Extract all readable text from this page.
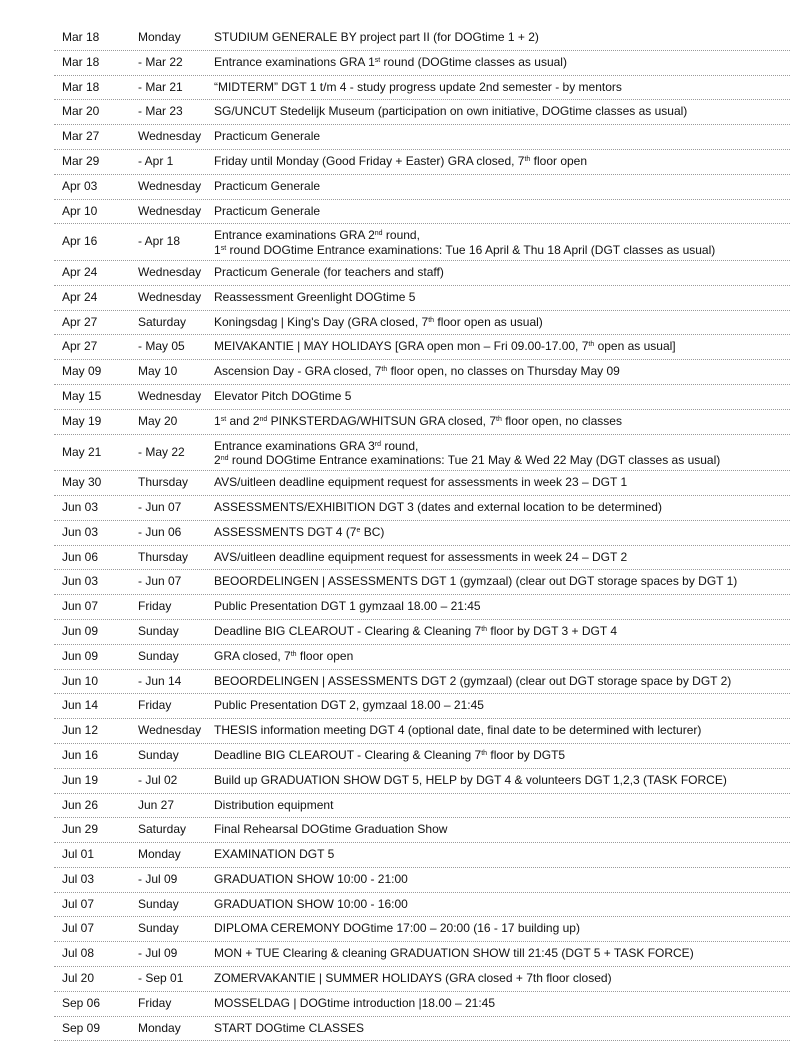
Mar 18	Monday	STUDIUM GENERALE BY project part II (for DOGtime 1 + 2)
Mar 18	- Mar 22	Entrance examinations GRA 1st round (DOGtime classes as usual)
Mar 18	- Mar 21	“MIDTERM” DGT 1 t/m 4 - study progress update 2nd semester - by mentors
Mar 20	- Mar 23	SG/UNCUT Stedelijk Museum (participation on own initiative, DOGtime classes as usual)
Mar 27	Wednesday Practicum Generale
Mar 29	- Apr 1	Friday until Monday (Good Friday + Easter) GRA closed, 7th floor open
Apr 03	Wednesday Practicum Generale
Apr 10	Wednesday Practicum Generale
Apr 16	- Apr 18	Entrance examinations GRA 2nd round,
1st round DOGtime Entrance examinations: Tue 16 April & Thu 18 April (DGT classes as usual)
Apr 24	Wednesday Practicum Generale (for teachers and staff)
Apr 24	Wednesday Reassessment Greenlight DOGtime 5
Apr 27	Saturday Koningsdag | King's Day (GRA closed, 7th floor open as usual)
Apr 27	- May 05 MEIVAKANTIE | MAY HOLIDAYS [GRA open mon – Fri 09.00-17.00, 7th open as usual]
May 09	May 10	Ascension Day - GRA closed, 7th floor open, no classes on Thursday May 09
May 15	Wednesday Elevator Pitch DOGtime 5
May 19	May 20	1st and 2nd PINKSTERDAG/WHITSUN GRA closed, 7th floor open, no classes
May 21	- May 22 Entrance examinations GRA 3rd round,
2nd round DOGtime Entrance examinations: Tue 21 May & Wed 22 May (DGT classes as usual)
May 30	Thursday AVS/uitleen deadline equipment request for assessments in week 23 – DGT 1
Jun 03	- Jun 07	ASSESSMENTS/EXHIBITION DGT 3 (dates and external location to be determined)
Jun 03	- Jun 06	ASSESSMENTS DGT 4 (7e BC)
Jun 06	Thursday AVS/uitleen deadline equipment request for assessments in week 24 – DGT 2
Jun 03	- Jun 07	BEOORDELINGEN | ASSESSMENTS DGT 1 (gymzaal) (clear out DGT storage spaces by DGT 1)
Jun 07	Friday	Public Presentation DGT 1 gymzaal 18.00 – 21:45
Jun 09	Sunday	Deadline BIG CLEAROUT - Clearing & Cleaning 7th floor by DGT 3 + DGT 4
Jun 09	Sunday	GRA closed, 7th floor open
Jun 10	- Jun 14	BEOORDELINGEN | ASSESSMENTS DGT 2 (gymzaal) (clear out DGT storage space by DGT 2)
Jun 14	Friday	Public Presentation DGT 2, gymzaal 18.00 – 21:45
Jun 12	Wednesday THESIS information meeting DGT 4 (optional date, final date to be determined with lecturer)
Jun 16	Sunday	Deadline BIG CLEAROUT - Clearing & Cleaning 7th floor by DGT5
Jun 19	- Jul 02	Build up GRADUATION SHOW DGT 5, HELP by DGT 4 & volunteers DGT 1,2,3 (TASK FORCE)
Jun 26	Jun 27	Distribution equipment
Jun 29	Saturday Final Rehearsal DOGtime Graduation Show
Jul 01	Monday	EXAMINATION DGT 5
Jul 03	- Jul 09	GRADUATION SHOW 10:00 - 21:00
Jul 07	Sunday	GRADUATION SHOW 10:00 - 16:00
Jul 07	Sunday	DIPLOMA CEREMONY DOGtime 17:00 – 20:00 (16 - 17 building up)
Jul 08	- Jul 09	MON + TUE Clearing & cleaning GRADUATION SHOW till 21:45 (DGT 5 + TASK FORCE)
Jul 20	- Sep 01	ZOMERVAKANTIE | SUMMER HOLIDAYS (GRA closed + 7th floor closed)
Sep 06	Friday	MOSSELDAG | DOGtime introduction |18.00 – 21:45
Sep 09	Monday	START DOGtime CLASSES
